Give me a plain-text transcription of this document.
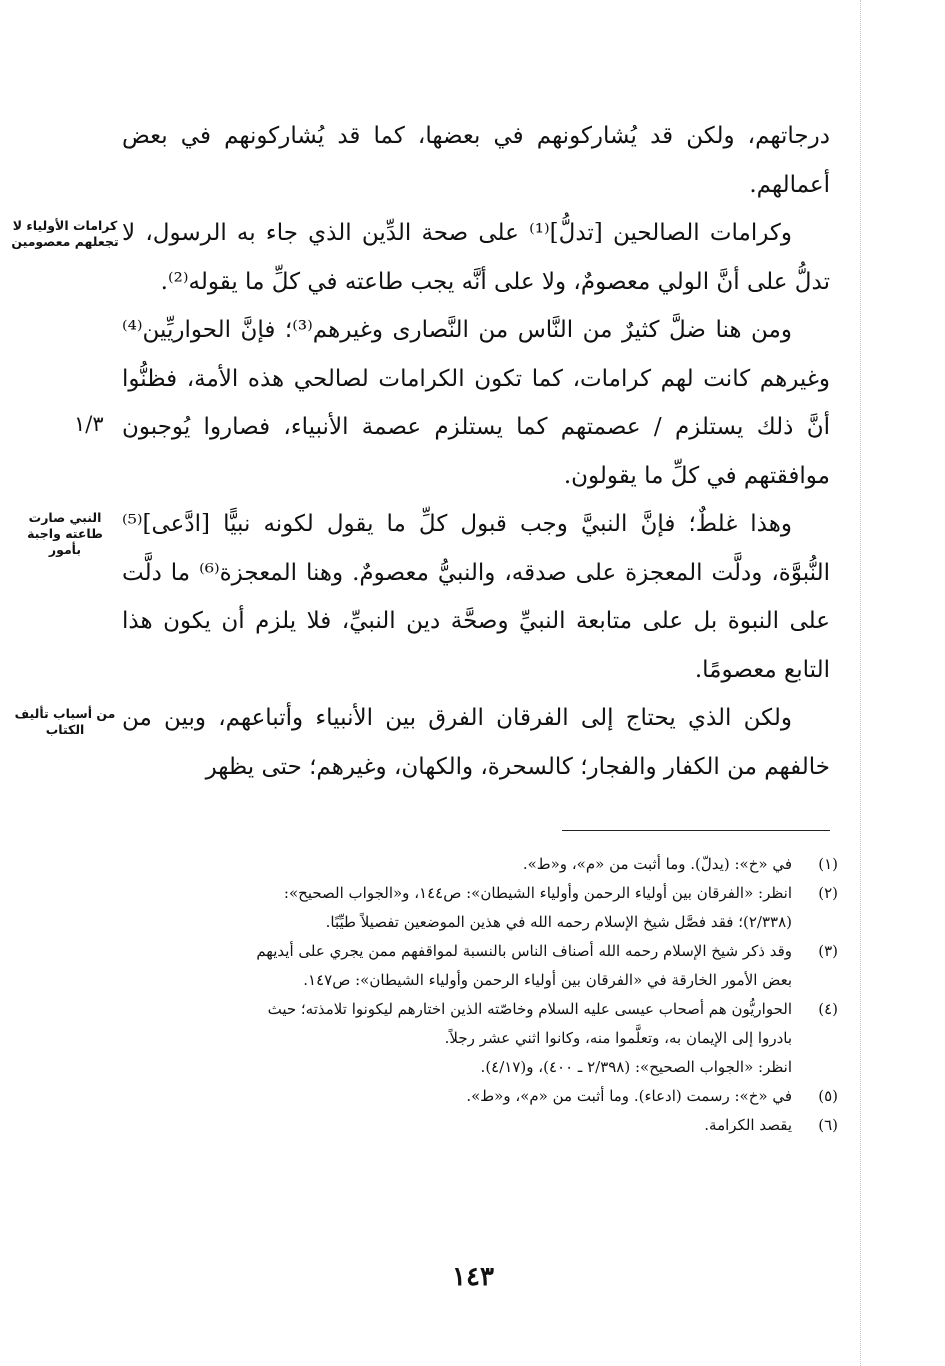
درجاتهم، ولكن قد يُشاركونهم في بعضها، كما قد يُشاركونهم في بعض أعمالهم.

وكرامات الصالحين [تدلُّ]⁽¹⁾ على صحة الدِّين الذي جاء به الرسول، لا تدلُّ على أنَّ الولي معصومٌ، ولا على أنَّه يجب طاعته في كلِّ ما يقوله⁽²⁾.

ومن هنا ضلَّ كثيرٌ من النَّاس من النَّصارى وغيرهم⁽³⁾؛ فإنَّ الحواريِّين⁽⁴⁾ وغيرهم كانت لهم كرامات، كما تكون الكرامات لصالحي هذه الأمة، فظنُّوا أنَّ ذلك يستلزم / عصمتهم كما يستلزم عصمة الأنبياء، فصاروا يُوجبون موافقتهم في كلِّ ما يقولون.

وهذا غلطٌ؛ فإنَّ النبيَّ وجب قبول كلِّ ما يقول لكونه نبيًّا [ادَّعى]⁽⁵⁾ النُّبوَّة، ودلَّت المعجزة على صدقه، والنبيُّ معصومٌ. وهنا المعجزة⁽⁶⁾ ما دلَّت على النبوة بل على متابعة النبيِّ وصحَّة دين النبيِّ، فلا يلزم أن يكون هذا التابع معصومًا.

ولكن الذي يحتاج إلى الفرقان الفرق بين الأنبياء وأتباعهم، وبين من خالفهم من الكفار والفجار؛ كالسحرة، والكهان، وغيرهم؛ حتى يظهر

كرامات الأولياء لا تجعلهم معصومين
النبي صارت طاعته واجبة بأمور
من أسباب تأليف الكتاب
١/٣
(١)
في «خ»: (يدلّ). وما أثبت من «م»، و«ط».
(٢)
انظر: «الفرقان بين أولياء الرحمن وأولياء الشيطان»: ص١٤٤، و«الجواب الصحيح»:
(٢/٣٣٨)؛ فقد فصَّل شيخ الإسلام رحمه الله في هذين الموضعين تفصيلاً طيِّبًا.
(٣)
وقد ذكر شيخ الإسلام رحمه الله أصناف الناس بالنسبة لمواقفهم ممن يجري على أيديهم
بعض الأمور الخارقة في «الفرقان بين أولياء الرحمن وأولياء الشيطان»: ص١٤٧.
(٤)
الحواريُّون هم أصحاب عيسى عليه السلام وخاصّته الذين اختارهم ليكونوا تلامذته؛ حيث
بادروا إلى الإيمان به، وتعلَّموا منه، وكانوا اثني عشر رجلاً.
انظر: «الجواب الصحيح»: (٢/٣٩٨ ـ ٤٠٠)، و(٤/١٧).
(٥)
في «خ»: رسمت (ادعاء). وما أثبت من «م»، و«ط».
(٦)
يقصد الكرامة.
١٤٣
